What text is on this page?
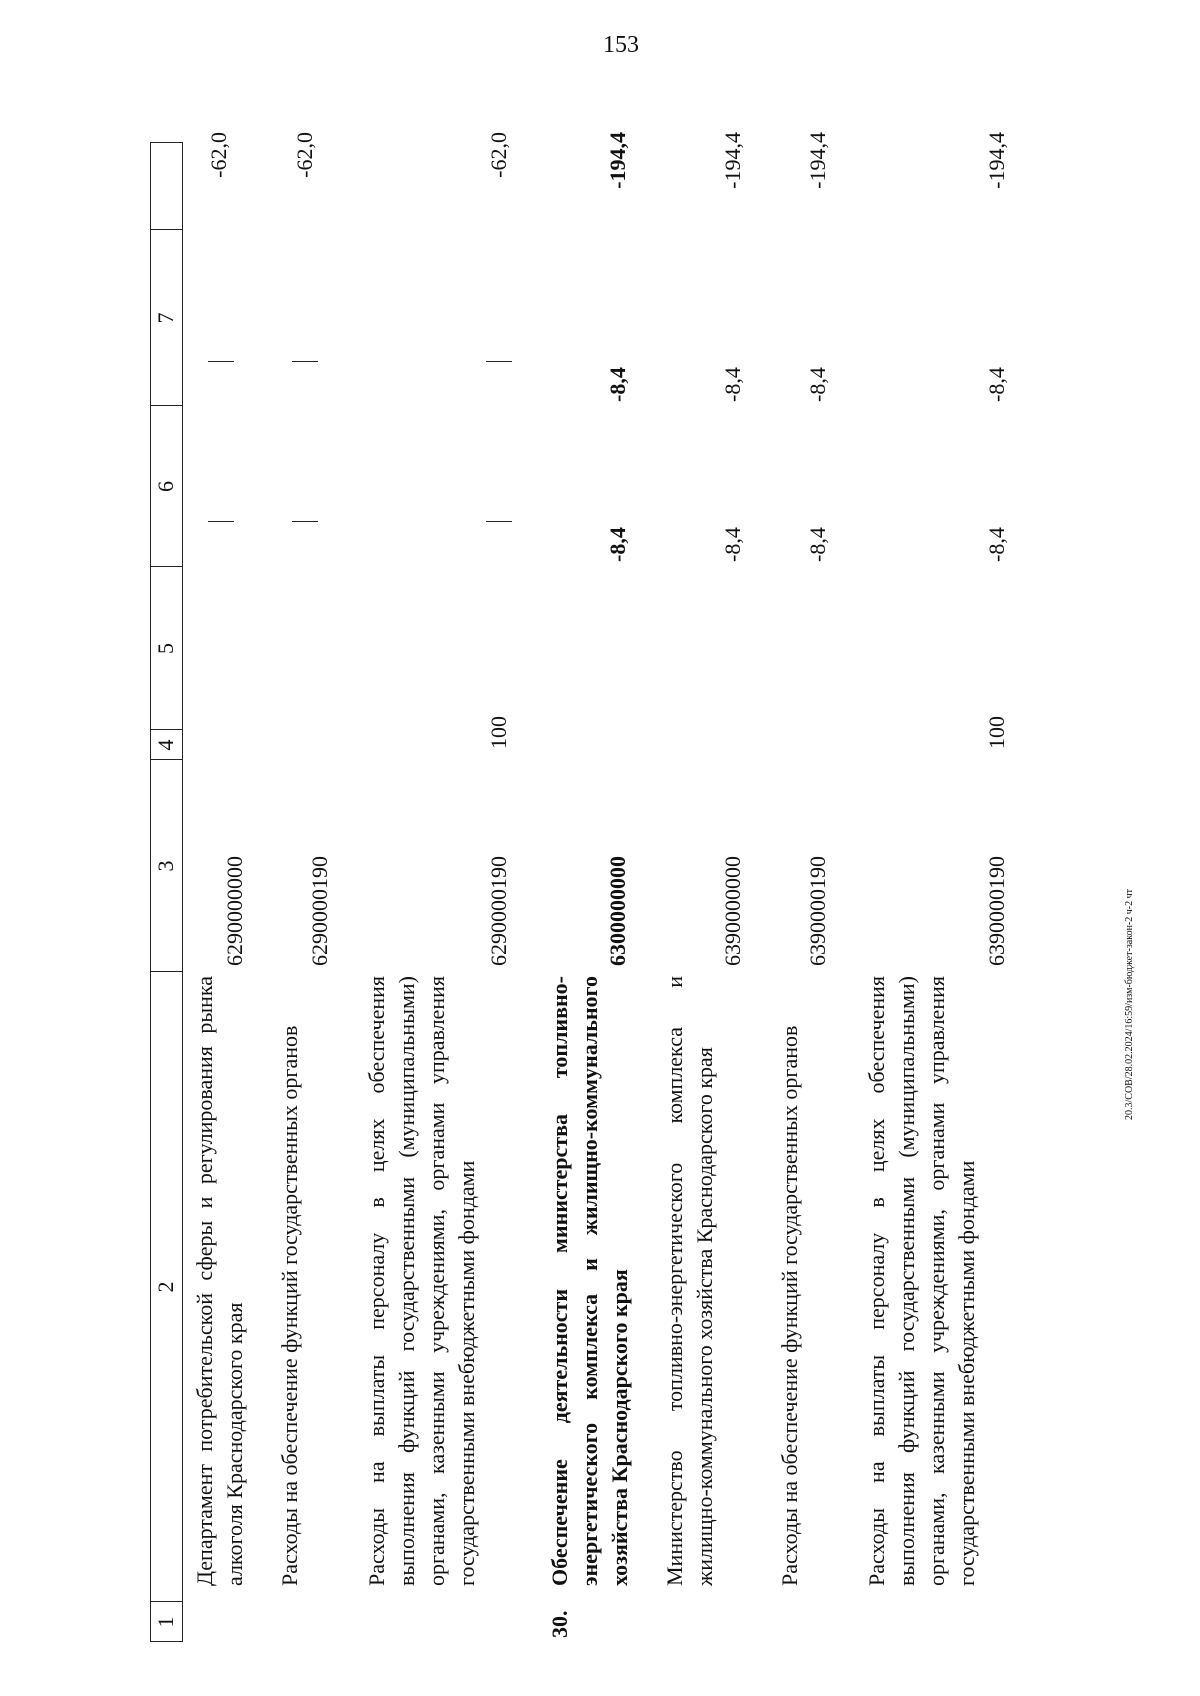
153
20.3/СОВ/28.02.2024/16:59/изм-бюджет-закон-2 ч-2 чт
1
2
3
4
5
6
7
Департамент потребительской сферы и регулирования рынка алкоголя Краснодарского края
6290000000
-62,0
Расходы на обеспечение функций государственных органов
6290000190
-62,0
Расходы на выплаты персоналу в целях обеспечения выполнения функций государственными (муниципальными) органами, казенными учреждениями, органами управления государственными внебюджетными фондами
6290000190
100
-62,0
30.
Обеспечение деятельности министерства топливно-энергетического комплекса и жилищно-коммунального хозяйства Краснодарского края
6300000000
-8,4
-8,4
-194,4
Министерство топливно-энергетического комплекса и жилищно-коммунального хозяйства Краснодарского края
6390000000
-8,4
-8,4
-194,4
Расходы на обеспечение функций государственных органов
6390000190
-8,4
-8,4
-194,4
Расходы на выплаты персоналу в целях обеспечения выполнения функций государственными (муниципальными) органами, казенными учреждениями, органами управления государственными внебюджетными фондами
6390000190
100
-8,4
-8,4
-194,4
